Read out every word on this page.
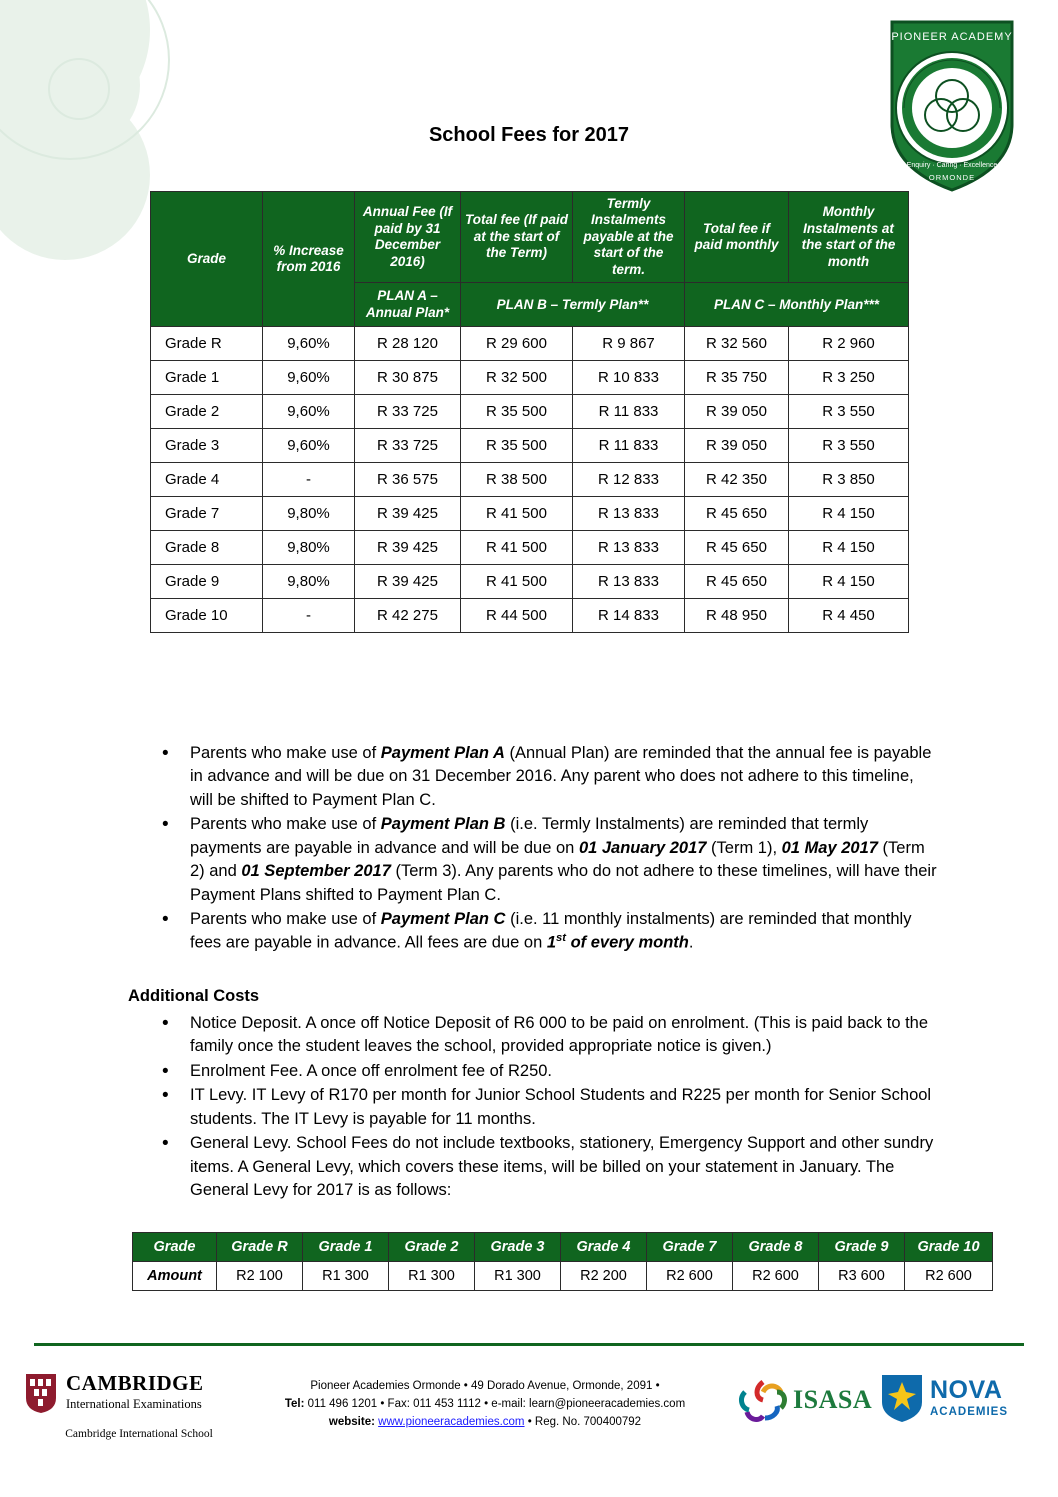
PIONEER ACADEMY
Enquiry · Caring · Excellence
ORMONDE
School Fees for 2017
Grade	% Increase from 2016	Annual Fee (If paid by 31 December 2016)	Total fee (If paid at the start of the Term)	Termly Instalments payable at the start of the term.	Total fee if paid monthly	Monthly Instalments at the start of the month
		PLAN A – Annual Plan*	PLAN B – Termly Plan**		PLAN C – Monthly Plan***	
Grade R	9,60%	R 28 120	R 29 600	R 9 867	R 32 560	R 2 960
Grade 1	9,60%	R 30 875	R 32 500	R 10 833	R 35 750	R 3 250
Grade 2	9,60%	R 33 725	R 35 500	R 11 833	R 39 050	R 3 550
Grade 3	9,60%	R 33 725	R 35 500	R 11 833	R 39 050	R 3 550
Grade 4	-	R 36 575	R 38 500	R 12 833	R 42 350	R 3 850
Grade 7	9,80%	R 39 425	R 41 500	R 13 833	R 45 650	R 4 150
Grade 8	9,80%	R 39 425	R 41 500	R 13 833	R 45 650	R 4 150
Grade 9	9,80%	R 39 425	R 41 500	R 13 833	R 45 650	R 4 150
Grade 10	-	R 42 275	R 44 500	R 14 833	R 48 950	R 4 450
• Parents who make use of Payment Plan A (Annual Plan) are reminded that the annual fee is payable in advance and will be due on 31 December 2016. Any parent who does not adhere to this timeline, will be shifted to Payment Plan C.
• Parents who make use of Payment Plan B (i.e. Termly Instalments) are reminded that termly payments are payable in advance and will be due on 01 January 2017 (Term 1), 01 May 2017 (Term 2) and 01 September 2017 (Term 3). Any parents who do not adhere to these timelines, will have their Payment Plans shifted to Payment Plan C.
• Parents who make use of Payment Plan C (i.e. 11 monthly instalments) are reminded that monthly fees are payable in advance. All fees are due on 1st of every month.
Additional Costs
• Notice Deposit. A once off Notice Deposit of R6 000 to be paid on enrolment. (This is paid back to the family once the student leaves the school, provided appropriate notice is given.)
• Enrolment Fee. A once off enrolment fee of R250.
• IT Levy. IT Levy of R170 per month for Junior School Students and R225 per month for Senior School students. The IT Levy is payable for 11 months.
• General Levy. School Fees do not include textbooks, stationery, Emergency Support and other sundry items. A General Levy, which covers these items, will be billed on your statement in January. The General Levy for 2017 is as follows:
Grade	Grade R	Grade 1	Grade 2	Grade 3	Grade 4	Grade 7	Grade 8	Grade 9	Grade 10
Amount	R2 100	R1 300	R1 300	R1 300	R2 200	R2 600	R2 600	R3 600	R2 600
CAMBRIDGE
International Examinations
Cambridge International School
Pioneer Academies Ormonde • 49 Dorado Avenue, Ormonde, 2091 •
Tel: 011 496 1201 • Fax: 011 453 1112 • e-mail: learn@pioneeracademies.com
website: www.pioneeracademies.com • Reg. No. 700400792
ISASA NOVA
ACADEMIES
